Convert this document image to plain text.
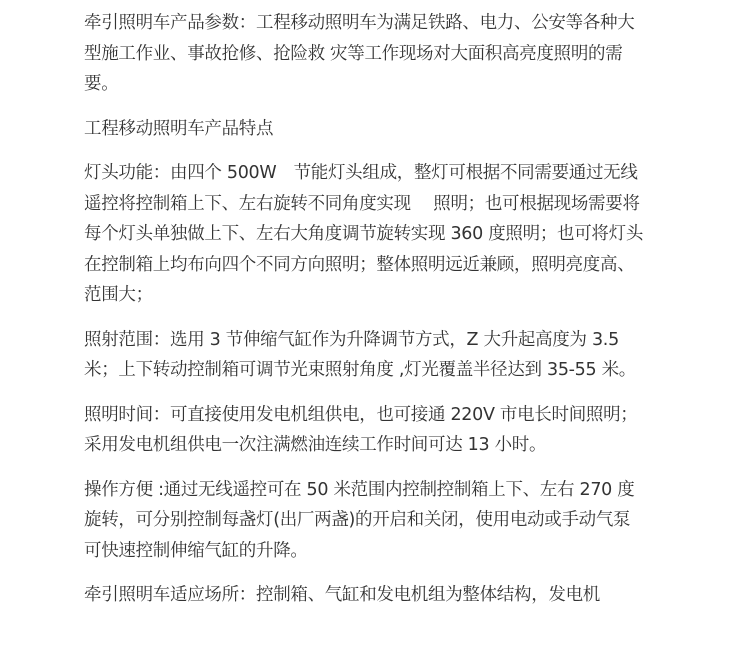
牵引照明车产品参数：工程移动照明车为满足铁路、电力、公安等各种大型施工作业、事故抢修、抢险救 灾等工作现场对大面积高亮度照明的需要。

工程移动照明车产品特点

灯头功能：由四个 500W　节能灯头组成，整灯可根据不同需要通过无线遥控将控制箱上下、左右旋转不同角度实现　 照明；也可根据现场需要将每个灯头单独做上下、左右大角度调节旋转实现 360 度照明；也可将灯头在控制箱上均布向四个不同方向照明；整体照明远近兼顾，照明亮度高、范围大；

照射范围：选用 3 节伸缩气缸作为升降调节方式，Z 大升起高度为 3.5 米；上下转动控制箱可调节光束照射角度 ,灯光覆盖半径达到 35-55 米。

照明时间：可直接使用发电机组供电，也可接通 220V 市电长时间照明；采用发电机组供电一次注满燃油连续工作时间可达 13 小时。

操作方便 :通过无线遥控可在 50 米范围内控制控制箱上下、左右 270 度旋转，可分别控制每盏灯(出厂两盏)的开启和关闭，使用电动或手动气泵可快速控制伸缩气缸的升降。

牵引照明车适应场所：控制箱、气缸和发电机组为整体结构，发电机
